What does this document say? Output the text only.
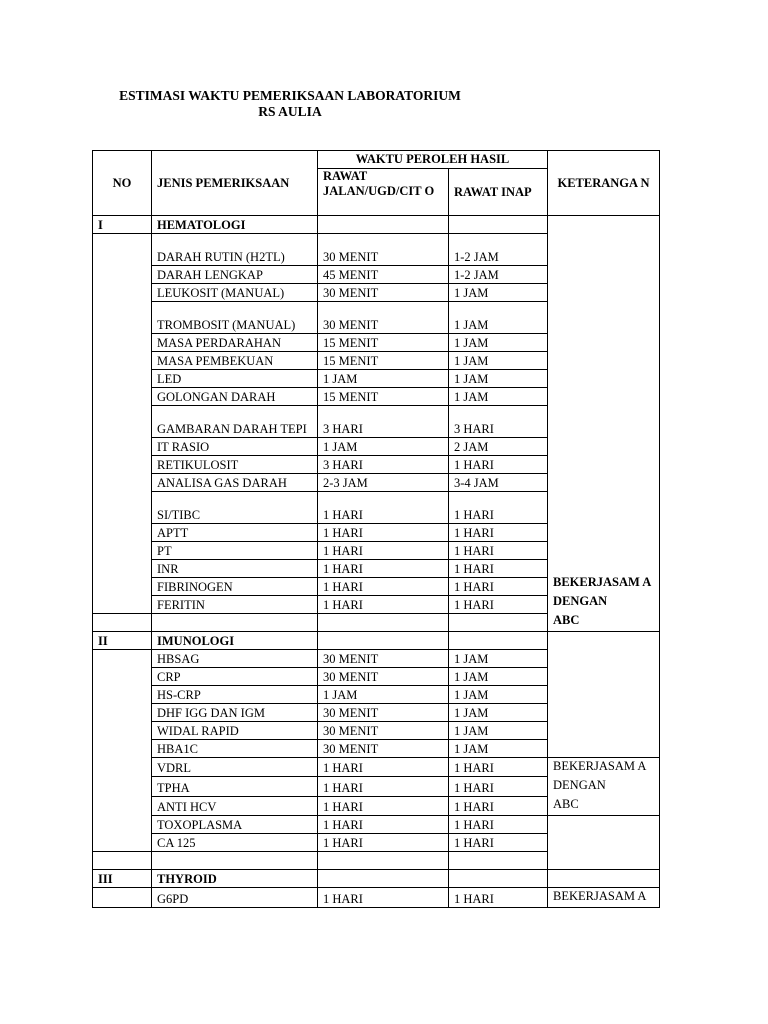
ESTIMASI WAKTU PEMERIKSAAN LABORATORIUM
RS AULIA
NO	JENIS PEMERIKSAAN	WAKTU PEROLEH HASIL		KETERANGA N
		RAWAT JALAN/UGD/CIT O	RAWAT INAP	
I	HEMATOLOGI			BEKERJASAM A
DENGAN
ABC

	DARAH RUTIN (H2TL)	30 MENIT	1-2 JAM	
	DARAH LENGKAP	45 MENIT	1-2 JAM	
	LEUKOSIT (MANUAL)	30 MENIT	1 JAM	
	TROMBOSIT (MANUAL)	30 MENIT	1 JAM	
	MASA PERDARAHAN	15 MENIT	1 JAM	
	MASA PEMBEKUAN	15 MENIT	1 JAM	
	LED	1 JAM	1 JAM	
	GOLONGAN DARAH	15 MENIT	1 JAM	
	GAMBARAN DARAH TEPI	3 HARI	3 HARI	
	IT RASIO	1 JAM	2 JAM	
	RETIKULOSIT	3 HARI	1 HARI	
	ANALISA GAS DARAH	2-3 JAM	3-4 JAM	
	SI/TIBC	1 HARI	1 HARI	
	APTT	1 HARI	1 HARI	
	PT	1 HARI	1 HARI	
	INR	1 HARI	1 HARI	
	FIBRINOGEN	1 HARI	1 HARI	
	FERITIN	1 HARI	1 HARI	

II	IMUNOLOGI			
	HBSAG	30 MENIT	1 JAM	
	CRP	30 MENIT	1 JAM	
	HS-CRP	1 JAM	1 JAM	
	DHF IGG DAN IGM	30 MENIT	1 JAM	
	WIDAL RAPID	30 MENIT	1 JAM	
	HBA1C	30 MENIT	1 JAM	
	VDRL	1 HARI	1 HARI	BEKERJASAM A
DENGAN
ABC

	TPHA	1 HARI	1 HARI	
	ANTI HCV	1 HARI	1 HARI	
	TOXOPLASMA	1 HARI	1 HARI	
	CA 125	1 HARI	1 HARI	

III	THYROID			
	G6PD	1 HARI	1 HARI	BEKERJASAM A
